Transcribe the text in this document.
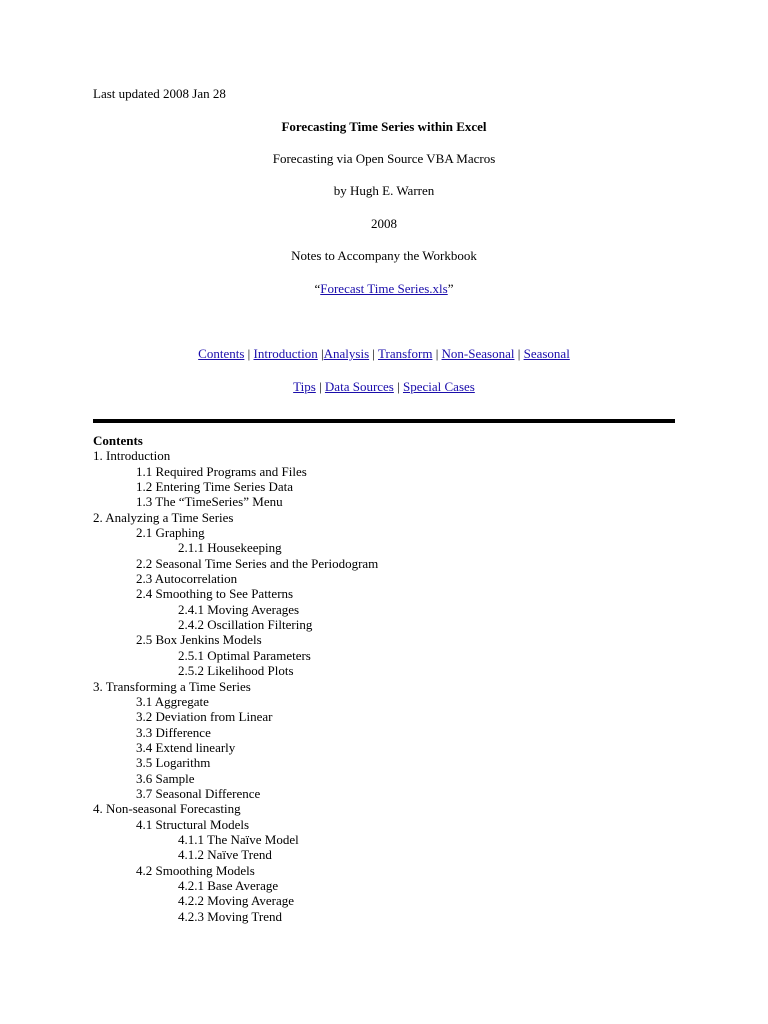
Last updated 2008 Jan 28
Forecasting Time Series within Excel
Forecasting via Open Source VBA Macros
by Hugh E. Warren
2008
Notes to Accompany the Workbook
“Forecast Time Series.xls”
Contents | Introduction |Analysis | Transform | Non-Seasonal | Seasonal
Tips | Data Sources | Special Cases
Contents
1. Introduction
1.1 Required Programs and Files
1.2 Entering Time Series Data
1.3 The “TimeSeries” Menu
2. Analyzing a Time Series
2.1 Graphing
2.1.1 Housekeeping
2.2 Seasonal Time Series and the Periodogram
2.3 Autocorrelation
2.4 Smoothing to See Patterns
2.4.1 Moving Averages
2.4.2 Oscillation Filtering
2.5 Box Jenkins Models
2.5.1 Optimal Parameters
2.5.2 Likelihood Plots
3. Transforming a Time Series
3.1 Aggregate
3.2 Deviation from Linear
3.3 Difference
3.4 Extend linearly
3.5 Logarithm
3.6 Sample
3.7 Seasonal Difference
4. Non-seasonal Forecasting
4.1 Structural Models
4.1.1 The Naïve Model
4.1.2 Naïve Trend
4.2 Smoothing Models
4.2.1 Base Average
4.2.2 Moving Average
4.2.3 Moving Trend
